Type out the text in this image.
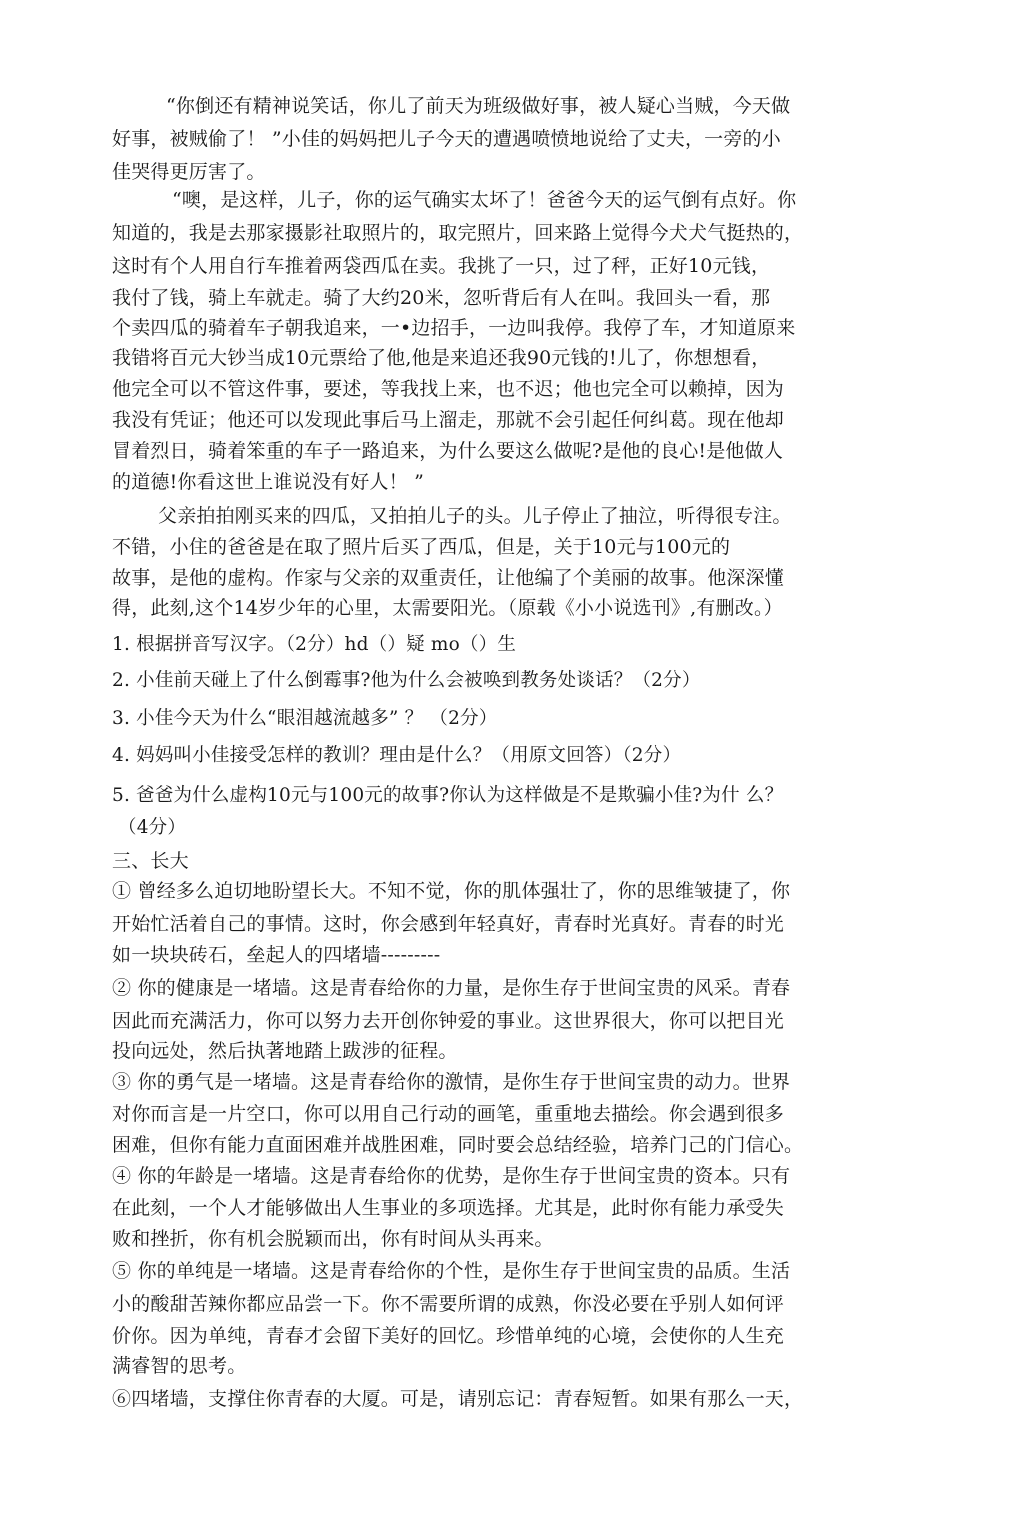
“你倒还有精神说笑话，你儿了前天为班级做好事，被人疑心当贼，今天做
好事，被贼偷了！ ”小佳的妈妈把儿子今天的遭遇喷愤地说给了丈夫，一旁的小
佳哭得更厉害了。
“噢，是这样，儿子，你的运气确实太坏了！爸爸今天的运气倒有点好。你
知道的，我是去那家摄影社取照片的，取完照片，回来路上觉得今犬犬气挺热的，
这时有个人用自行车推着两袋西瓜在卖。我挑了一只，过了秤，正好10元钱，
我付了钱，骑上车就走。骑了大约20米，忽听背后有人在叫。我回头一看，那
个卖四瓜的骑着车子朝我追来，一•边招手，一边叫我停。我停了车，才知道原来
我错将百元大钞当成10元票给了他,他是来追还我90元钱的!儿了，你想想看，
他完全可以不管这件事，要述，等我找上来，也不迟；他也完全可以赖掉，因为
我没有凭证；他还可以发现此事后马上溜走，那就不会引起任何纠葛。现在他却
冒着烈日，骑着笨重的车子一路追来，为什么要这么做呢?是他的良心!是他做人
的道德!你看这世上谁说没有好人！ ”
父亲拍拍刚买来的四瓜，又拍拍儿子的头。儿子停止了抽泣，听得很专注。
不错，小住的爸爸是在取了照片后买了西瓜，但是，关于10元与100元的
故事，是他的虚构。作家与父亲的双重责任，让他编了个美丽的故事。他深深懂
得，此刻,这个14岁少年的心里，太需要阳光。（原载《小小说选刊》,有删改。）
1. 根据拼音写汉字。（2分）hd（）疑 mo（）生
2. 小佳前天碰上了什么倒霉事?他为什么会被唤到教务处谈话？（2分）
3. 小佳今天为什么“眼泪越流越多” ？ （2分）
4. 妈妈叫小佳接受怎样的教训？理由是什么？（用原文回答）（2分）
5. 爸爸为什么虚构10元与100元的故事?你认为这样做是不是欺骗小佳?为什 么？
（4分）
三、长大
① 曾经多么迫切地盼望长大。不知不觉，你的肌体强壮了，你的思维皱捷了，你
开始忙活着自己的事情。这时，你会感到年轻真好，青春时光真好。青春的时光
如一块块砖石，垒起人的四堵墙---------
② 你的健康是一堵墙。这是青春给你的力量，是你生存于世间宝贵的风采。青春
因此而充满活力，你可以努力去开创你钟爱的事业。这世界很大，你可以把目光
投向远处，然后执著地踏上跋涉的征程。
③ 你的勇气是一堵墙。这是青春给你的激情，是你生存于世间宝贵的动力。世界
对你而言是一片空口，你可以用自己行动的画笔，重重地去描绘。你会遇到很多
困难，但你有能力直面困难并战胜困难，同时要会总结经验，培养门己的门信心。
④ 你的年龄是一堵墙。这是青春给你的优势，是你生存于世间宝贵的资本。只有
在此刻，一个人才能够做出人生事业的多项选择。尤其是，此时你有能力承受失
败和挫折，你有机会脱颖而出，你有时间从头再来。
⑤ 你的单纯是一堵墙。这是青春给你的个性，是你生存于世间宝贵的品质。生活
小的酸甜苦辣你都应品尝一下。你不需要所谓的成熟，你没必要在乎别人如何评
价你。因为单纯，青春才会留下美好的回忆。珍惜单纯的心境，会使你的人生充
满睿智的思考。
⑥四堵墙，支撑住你青春的大厦。可是，请别忘记：青春短暂。如果有那么一天，
